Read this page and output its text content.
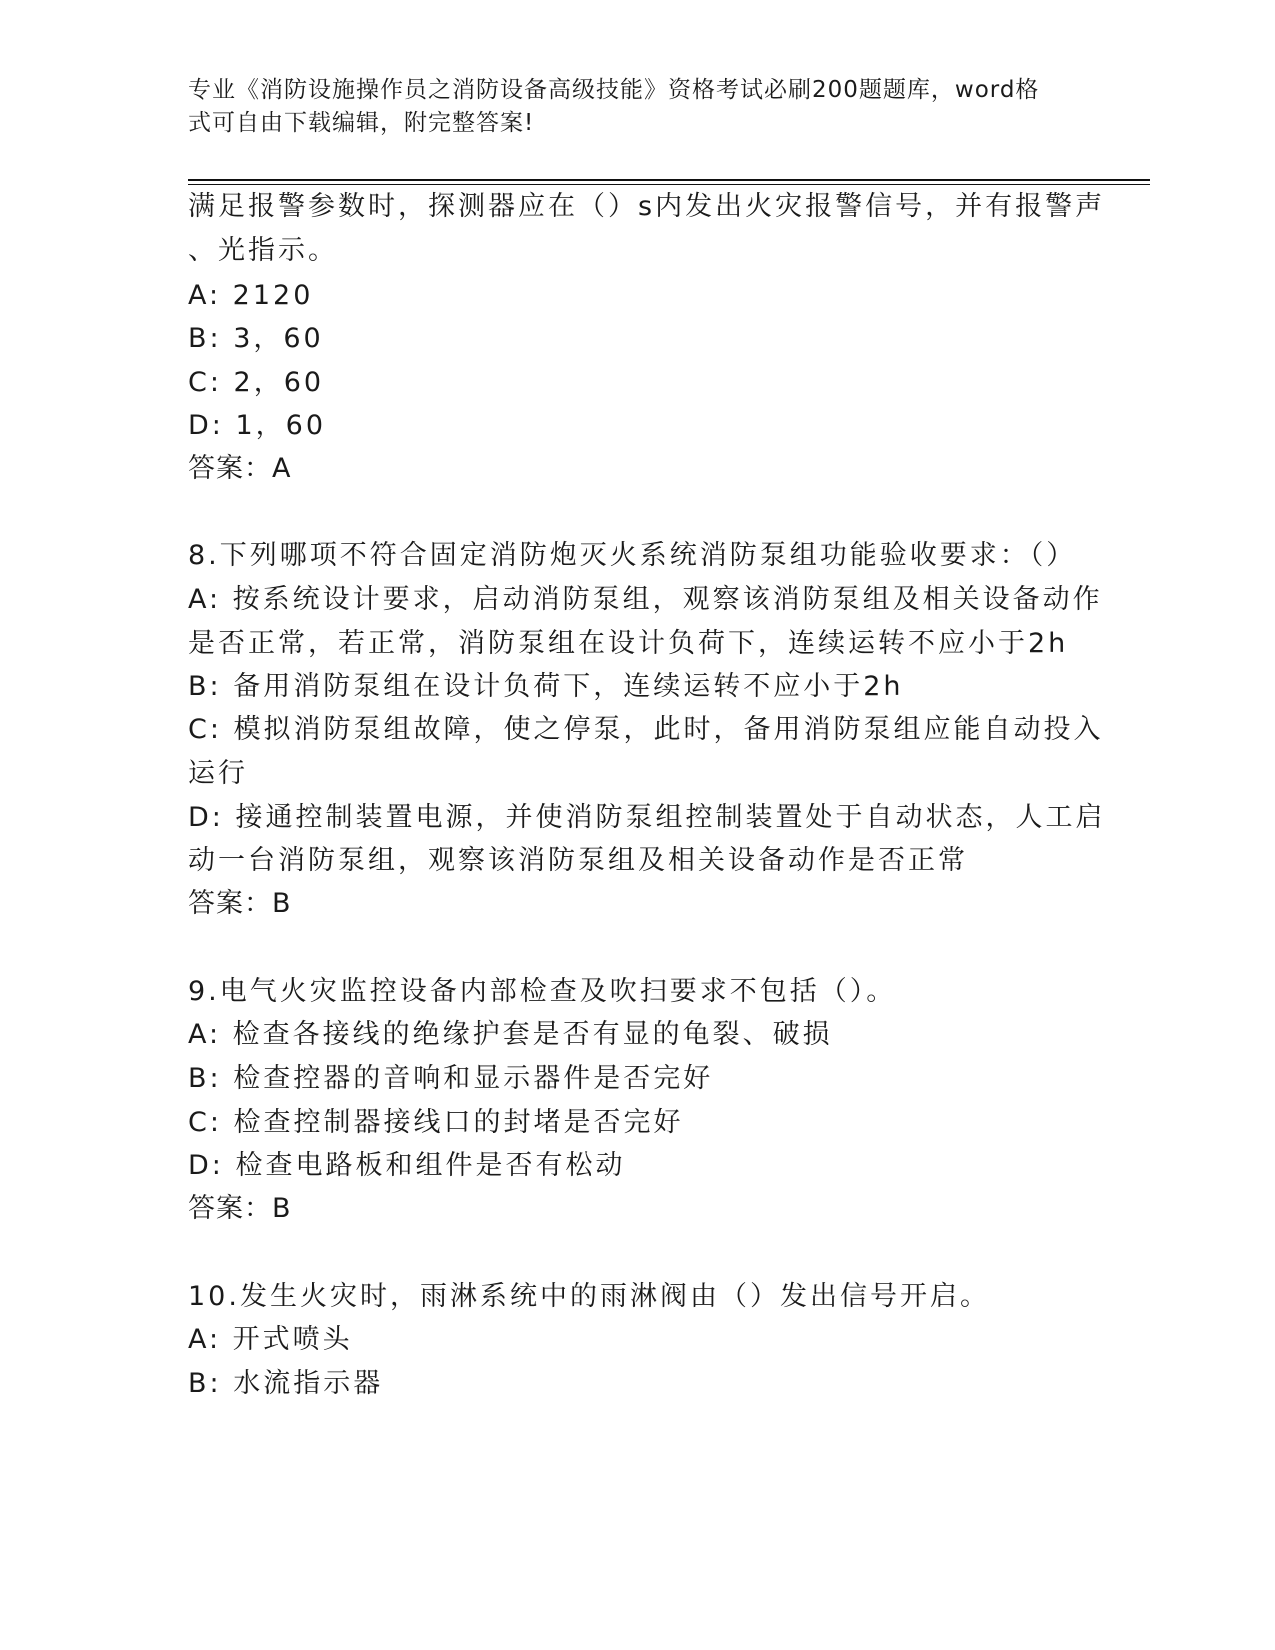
专业《消防设施操作员之消防设备高级技能》资格考试必刷200题题库，word格
式可自由下载编辑，附完整答案!
满足报警参数时，探测器应在（）s内发出火灾报警信号，并有报警声
、光指示。
A: 2120
B: 3，60
C: 2，60
D: 1，60
答案：A
8.下列哪项不符合固定消防炮灭火系统消防泵组功能验收要求：（）
A: 按系统设计要求，启动消防泵组，观察该消防泵组及相关设备动作
是否正常，若正常，消防泵组在设计负荷下，连续运转不应小于2h
B: 备用消防泵组在设计负荷下，连续运转不应小于2h
C: 模拟消防泵组故障，使之停泵，此时，备用消防泵组应能自动投入
运行
D: 接通控制装置电源，并使消防泵组控制装置处于自动状态，人工启
动一台消防泵组，观察该消防泵组及相关设备动作是否正常
答案：B
9.电气火灾监控设备内部检查及吹扫要求不包括（）。
A: 检查各接线的绝缘护套是否有显的龟裂、破损
B: 检查控器的音响和显示器件是否完好
C: 检查控制器接线口的封堵是否完好
D: 检查电路板和组件是否有松动
答案：B
10.发生火灾时，雨淋系统中的雨淋阀由（）发出信号开启。
A: 开式喷头
B: 水流指示器
